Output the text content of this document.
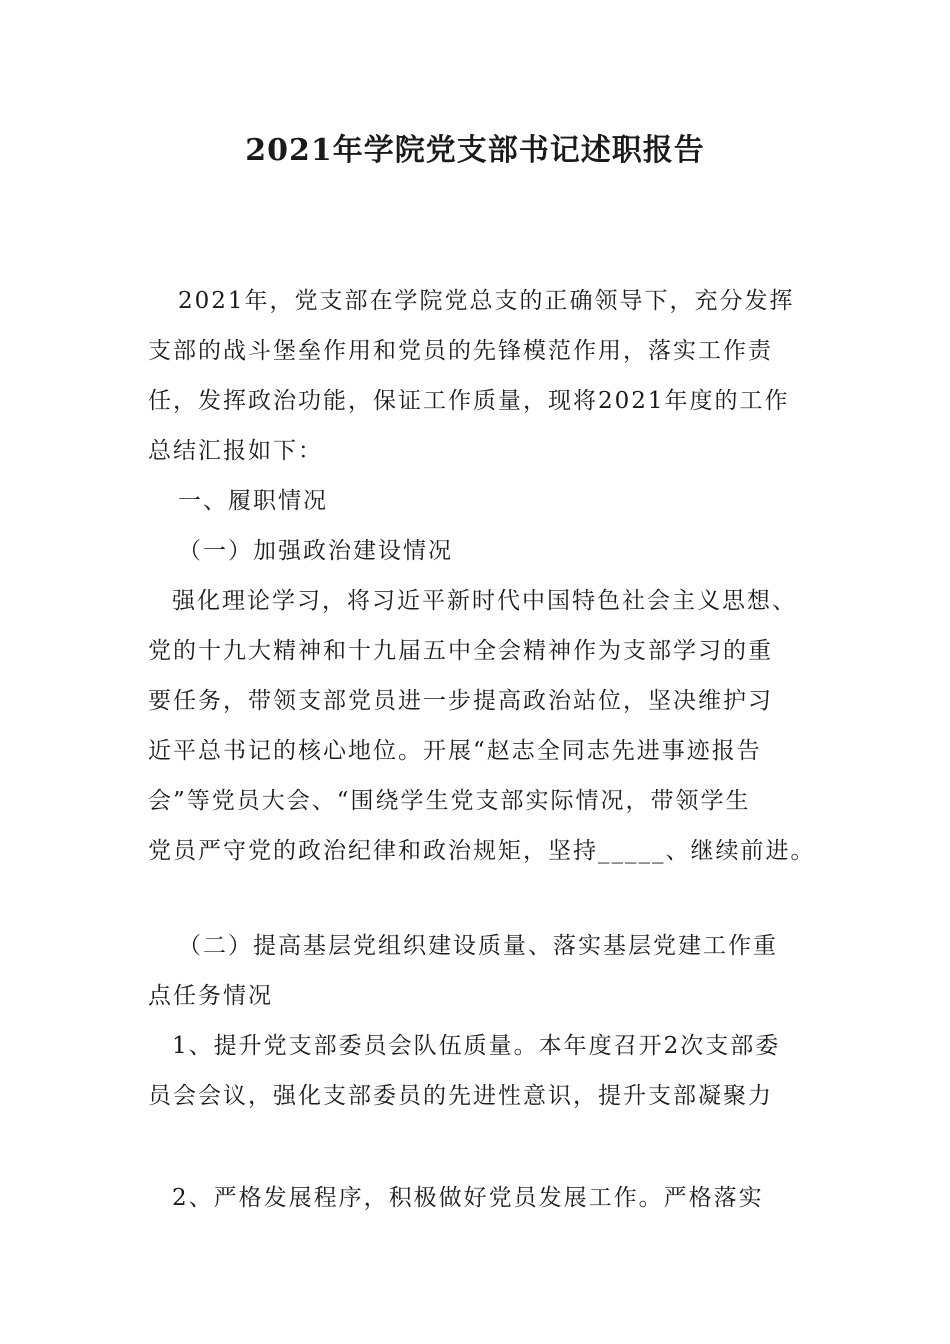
2021年学院党支部书记述职报告
2021年，党支部在学院党总支的正确领导下，充分发挥
支部的战斗堡垒作用和党员的先锋模范作用，落实工作责
任，发挥政治功能，保证工作质量，现将2021年度的工作
总结汇报如下：
一、履职情况
（一）加强政治建设情况
强化理论学习，将习近平新时代中国特色社会主义思想、
党的十九大精神和十九届五中全会精神作为支部学习的重
要任务，带领支部党员进一步提高政治站位，坚决维护习
近平总书记的核心地位。开展“赵志全同志先进事迹报告
会”等党员大会、“围绕学生党支部实际情况，带领学生
党员严守党的政治纪律和政治规矩，坚持_____、继续前进。
（二）提高基层党组织建设质量、落实基层党建工作重
点任务情况
1、提升党支部委员会队伍质量。本年度召开2次支部委
员会会议，强化支部委员的先进性意识，提升支部凝聚力
2、严格发展程序，积极做好党员发展工作。严格落实
